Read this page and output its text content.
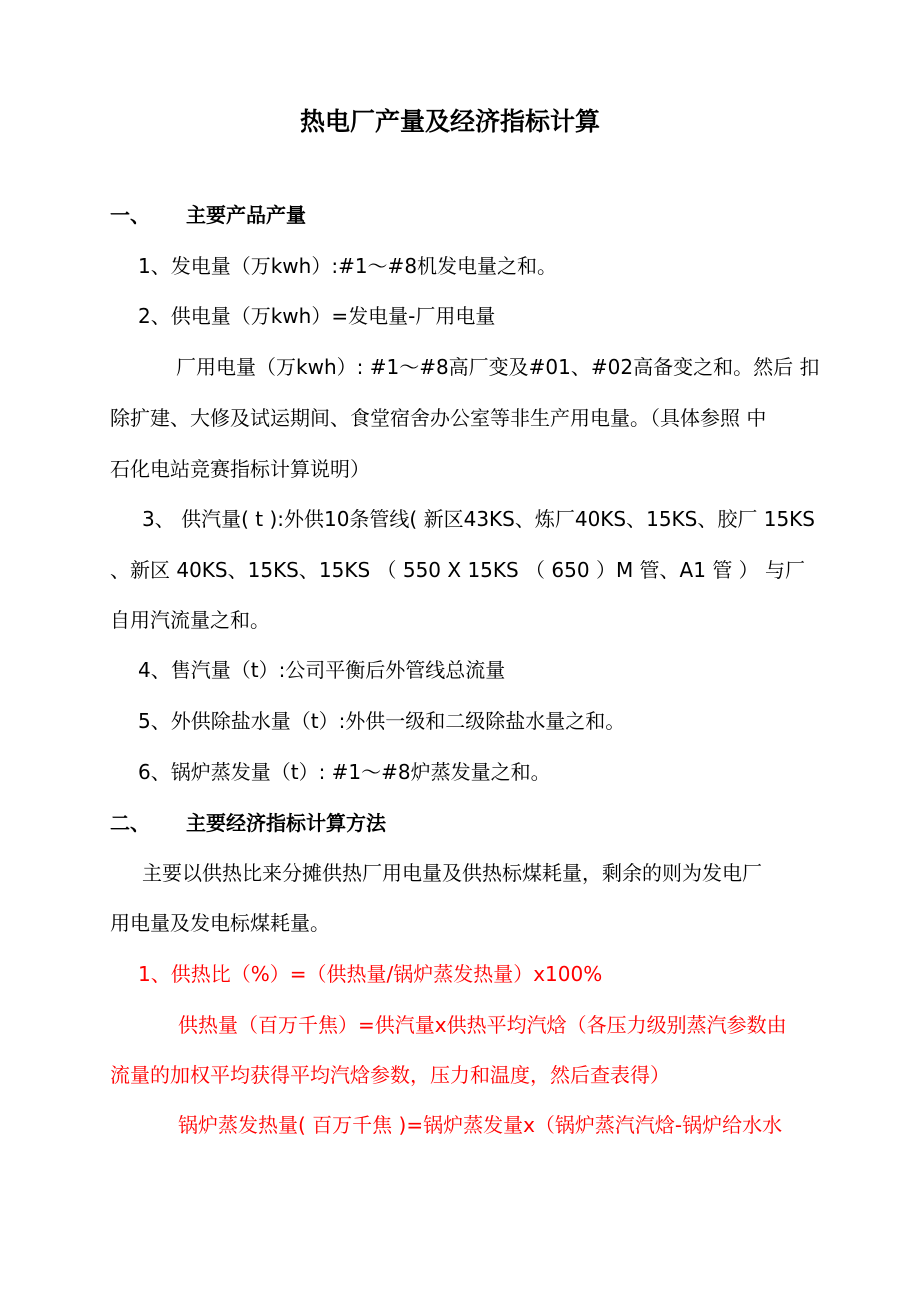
热电厂产量及经济指标计算
一、 主要产品产量
1、发电量（万kwh）:#1〜#8机发电量之和。
2、供电量（万kwh）=发电量-厂用电量
厂用电量（万kwh）: #1〜#8高厂变及#01、#02高备变之和。然后 扣
除扩建、大修及试运期间、食堂宿舍办公室等非生产用电量。（具体参照 中
石化电站竞赛指标计算说明）
3、 供汽量( t ):外供10条管线( 新区43KS、炼厂40KS、15KS、胶厂 15KS
、新区 40KS、15KS、15KS （ 550 X 15KS （ 650 ）M 管、A1 管 ） 与厂
自用汽流量之和。
4、售汽量（t）:公司平衡后外管线总流量
5、外供除盐水量（t）:外供一级和二级除盐水量之和。
6、锅炉蒸发量（t）: #1〜#8炉蒸发量之和。
二、 主要经济指标计算方法
主要以供热比来分摊供热厂用电量及供热标煤耗量，剩余的则为发电厂
用电量及发电标煤耗量。
1、供热比（%）=（供热量/锅炉蒸发热量）x100%
供热量（百万千焦）=供汽量x供热平均汽焓（各压力级别蒸汽参数由
流量的加权平均获得平均汽焓参数，压力和温度，然后查表得）
锅炉蒸发热量( 百万千焦 )=锅炉蒸发量x（锅炉蒸汽汽焓-锅炉给水水
